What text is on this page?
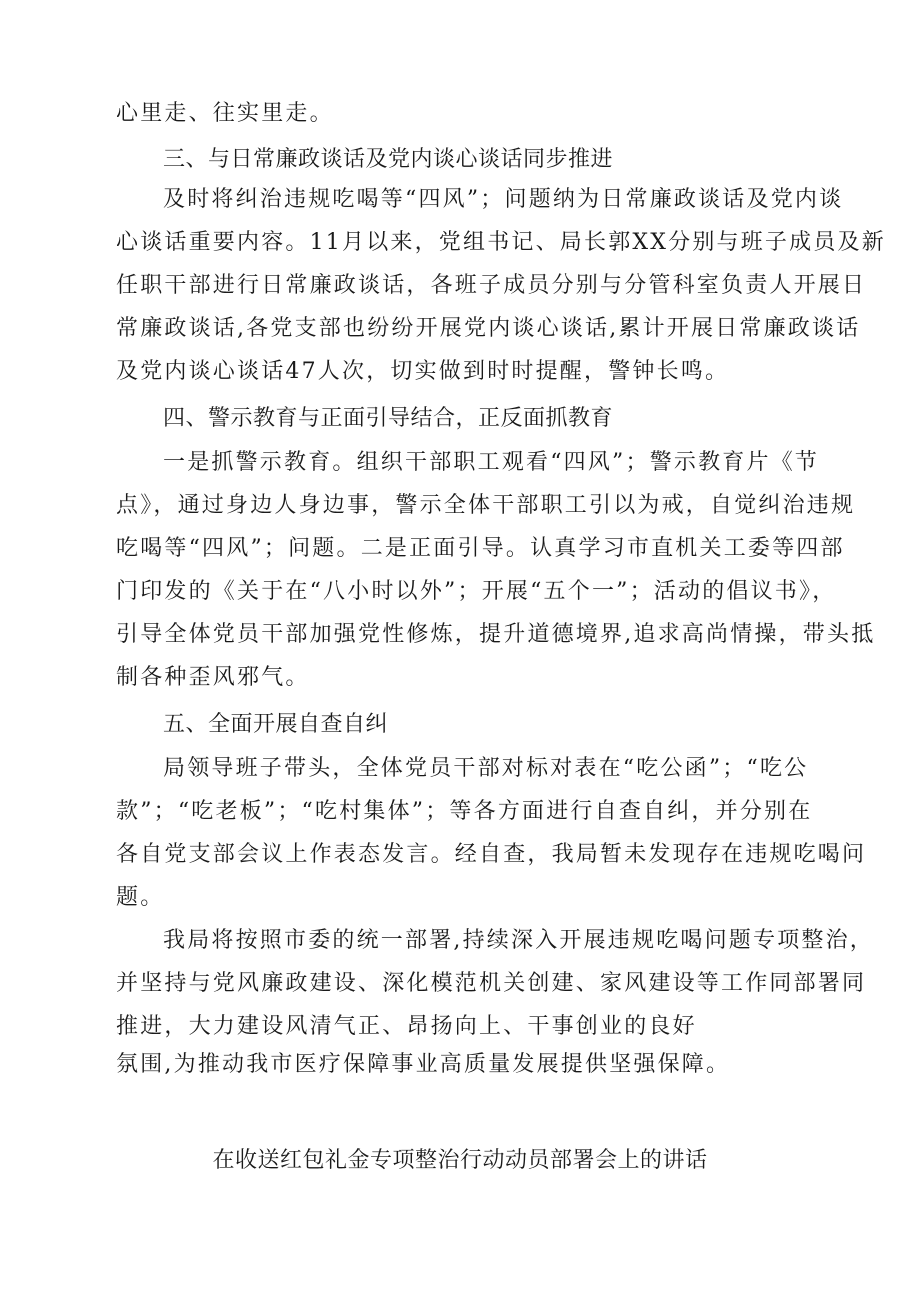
心里走、往实里走。
三、与日常廉政谈话及党内谈心谈话同步推进
及时将纠治违规吃喝等“四风”；问题纳为日常廉政谈话及党内谈
心谈话重要内容。11月以来，党组书记、局长郭XX分别与班子成员及新
任职干部进行日常廉政谈话，各班子成员分别与分管科室负责人开展日
常廉政谈话,各党支部也纷纷开展党内谈心谈话,累计开展日常廉政谈话
及党内谈心谈话47人次，切实做到时时提醒，警钟长鸣。
四、警示教育与正面引导结合，正反面抓教育
一是抓警示教育。组织干部职工观看“四风”；警示教育片《节
点》，通过身边人身边事，警示全体干部职工引以为戒，自觉纠治违规
吃喝等“四风”；问题。二是正面引导。认真学习市直机关工委等四部
门印发的《关于在“八小时以外”；开展“五个一”；活动的倡议书》，
引导全体党员干部加强党性修炼，提升道德境界,追求高尚情操，带头抵
制各种歪风邪气。
五、全面开展自查自纠
局领导班子带头，全体党员干部对标对表在“吃公函”；“吃公
款”；“吃老板”；“吃村集体”；等各方面进行自查自纠，并分别在
各自党支部会议上作表态发言。经自查，我局暂未发现存在违规吃喝问
题。
我局将按照市委的统一部署,持续深入开展违规吃喝问题专项整治，
并坚持与党风廉政建设、深化模范机关创建、家风建设等工作同部署同
推进，大力建设风清气正、昂扬向上、干事创业的良好
氛围,为推动我市医疗保障事业高质量发展提供坚强保障。
在收送红包礼金专项整治行动动员部署会上的讲话
